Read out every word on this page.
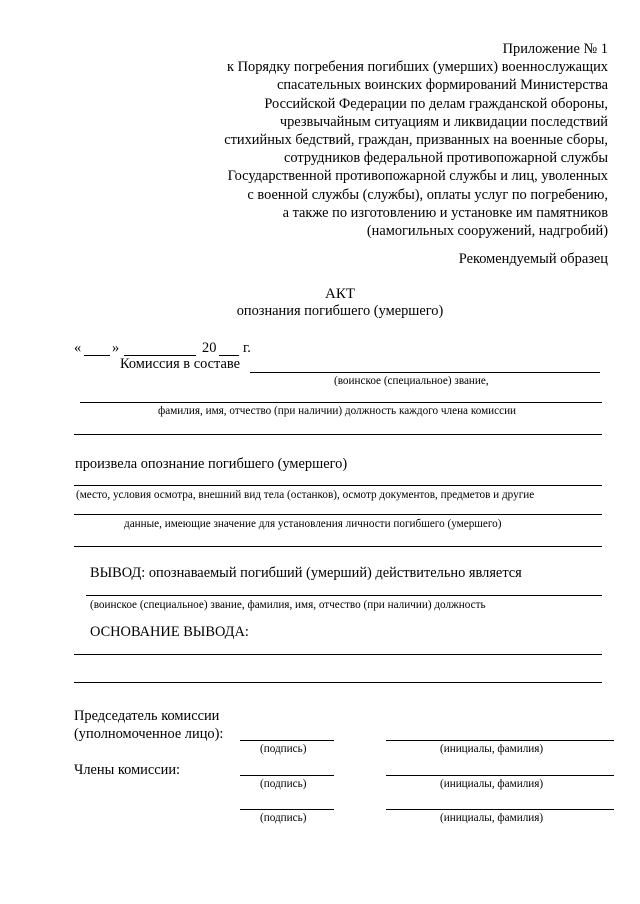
Приложение № 1
к Порядку погребения погибших (умерших) военнослужащих
спасательных воинских формирований Министерства
Российской Федерации по делам гражданской обороны,
чрезвычайным ситуациям и ликвидации последствий
стихийных бедствий, граждан, призванных на военные сборы,
сотрудников федеральной противопожарной службы
Государственной противопожарной службы и лиц, уволенных
с военной службы (службы), оплаты услуг по погребению,
а также по изготовлению и установке им памятников
(намогильных сооружений, надгробий)
Рекомендуемый образец
АКТ
опознания погибшего (умершего)
« »	20 г.
Комиссия в составе
(воинское (специальное) звание,
фамилия, имя, отчество (при наличии) должность каждого члена комиссии
произвела опознание погибшего (умершего)
(место, условия осмотра, внешний вид тела (останков), осмотр документов, предметов и другие
данные, имеющие значение для установления личности погибшего (умершего)
ВЫВОД: опознаваемый погибший (умерший) действительно является
(воинское (специальное) звание, фамилия, имя, отчество (при наличии) должность
ОСНОВАНИЕ ВЫВОДА:
Председатель комиссии
(уполномоченное лицо):
(подпись)	(инициалы, фамилия)
Члены комиссии:
(подпись)	(инициалы, фамилия)
(подпись)	(инициалы, фамилия)
